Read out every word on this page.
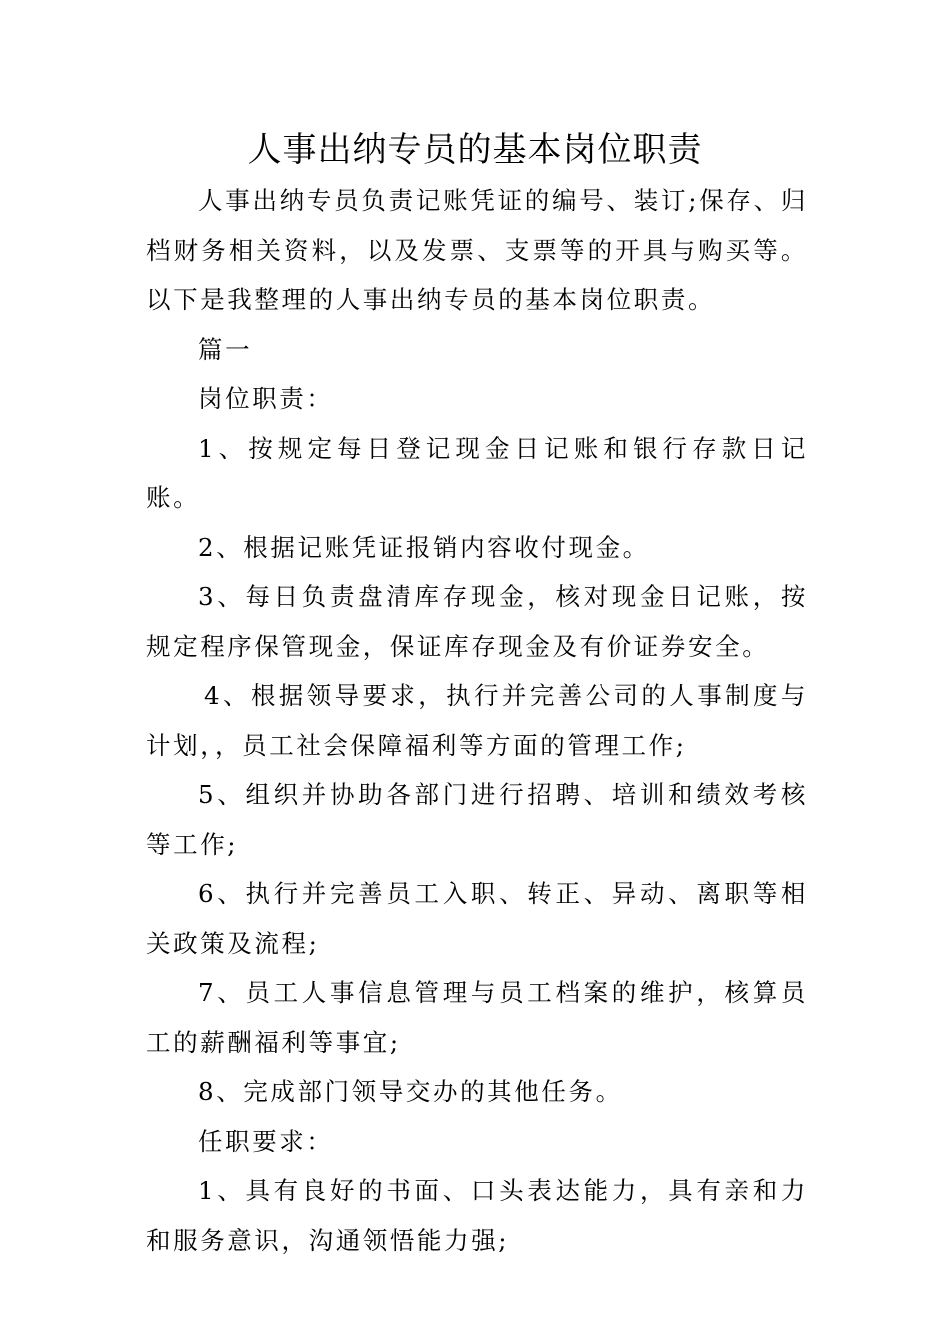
人事出纳专员的基本岗位职责

人事出纳专员负责记账凭证的编号、装订;保存、归档财务相关资料，以及发票、支票等的开具与购买等。以下是我整理的人事出纳专员的基本岗位职责。

篇一

岗位职责：

1、按规定每日登记现金日记账和银行存款日记账。

2、根据记账凭证报销内容收付现金。

3、每日负责盘清库存现金，核对现金日记账，按规定程序保管现金，保证库存现金及有价证券安全。

4、根据领导要求，执行并完善公司的人事制度与计划，，员工社会保障福利等方面的管理工作;

5、组织并协助各部门进行招聘、培训和绩效考核等工作;

6、执行并完善员工入职、转正、异动、离职等相关政策及流程;

7、员工人事信息管理与员工档案的维护，核算员工的薪酬福利等事宜;

8、完成部门领导交办的其他任务。

任职要求：

1、具有良好的书面、口头表达能力，具有亲和力和服务意识，沟通领悟能力强;
